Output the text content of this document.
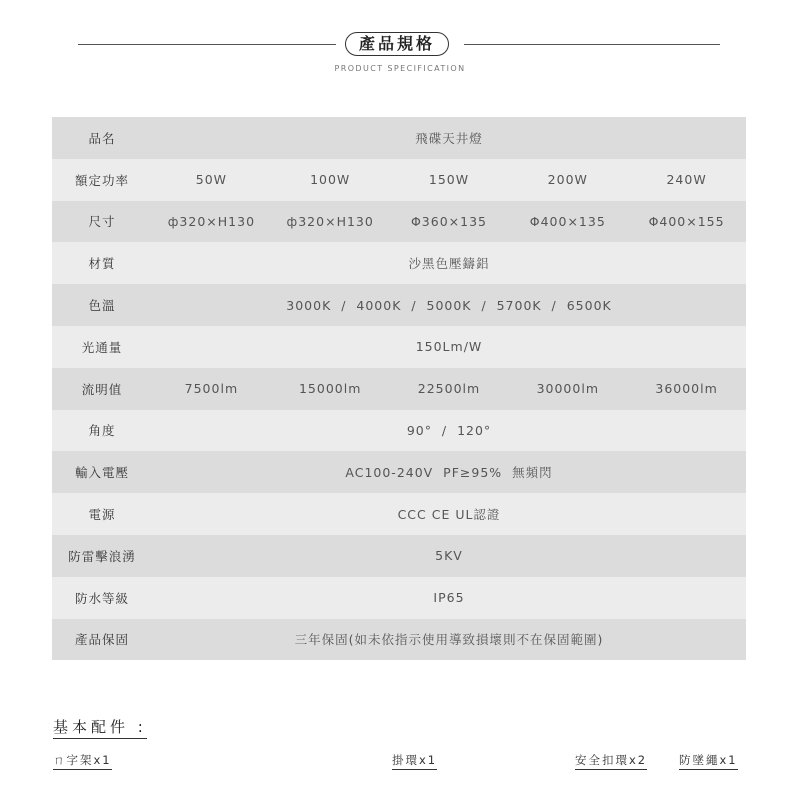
產品規格
PRODUCT SPECIFICATION
品名	飛碟天井燈
額定功率	50W	100W	150W	200W	240W
尺寸	ф320×H130	ф320×H130	Φ360×135	Φ400×135	Φ400×155
材質	沙黑色壓鑄鋁
色溫	3000K  /  4000K  /  5000K  /  5700K  /  6500K
光通量	150Lm/W
流明值	7500lm	15000lm	22500lm	30000lm	36000lm
角度	90°  /  120°
輸入電壓	AC100-240V  PF≥95%  無頻閃
電源	CCC CE UL認證
防雷擊浪湧	5KV
防水等級	IP65
產品保固	三年保固(如未依指示使用導致損壞則不在保固範圍)
基本配件 :
ㄇ字架x1	掛環x1	安全扣環x2	防墜繩x1
